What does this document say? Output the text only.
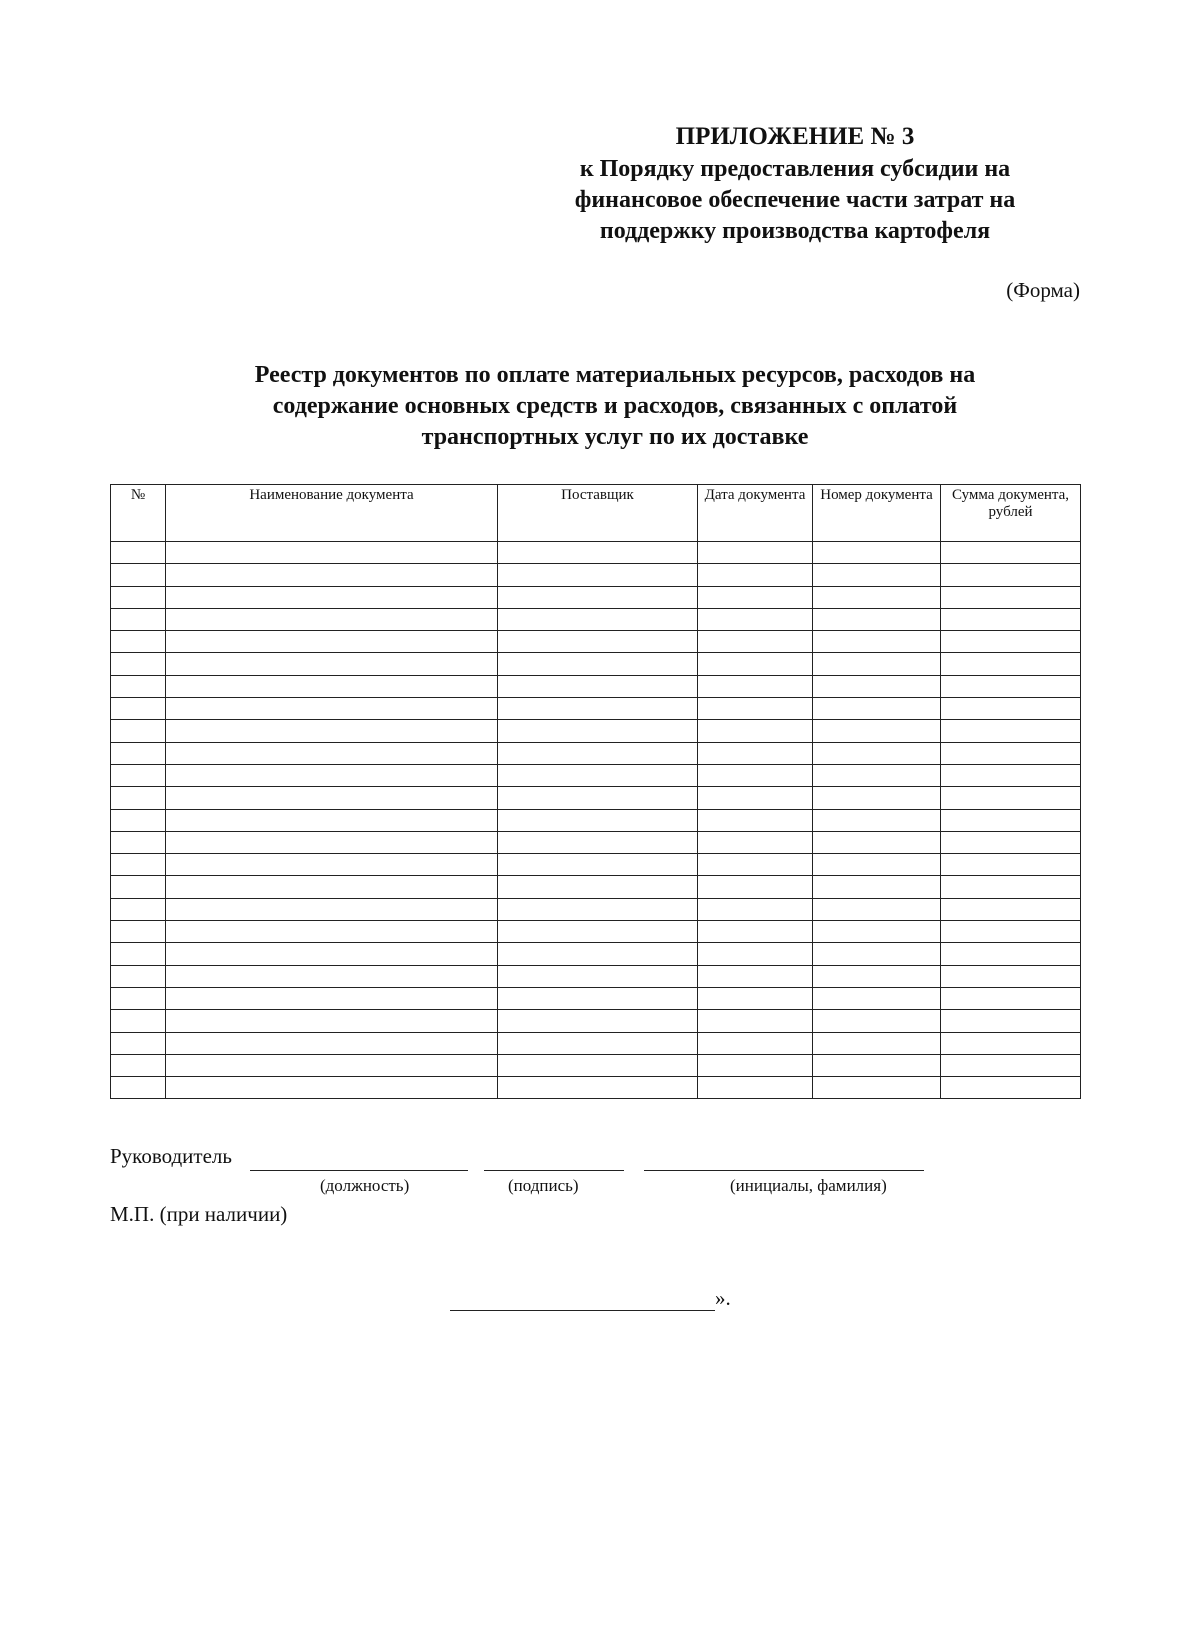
ПРИЛОЖЕНИЕ № 3
к Порядку предоставления субсидии на
финансовое обеспечение части затрат на
поддержку производства картофеля
(Форма)
Реестр документов по оплате материальных ресурсов, расходов на
содержание основных средств и расходов, связанных с оплатой
транспортных услуг по их доставке
№	Наименование документа	Поставщик	Дата документа	Номер документа	Сумма документа, рублей

Руководитель
(должность)	(подпись)	(инициалы, фамилия)
М.П. (при наличии)
».
